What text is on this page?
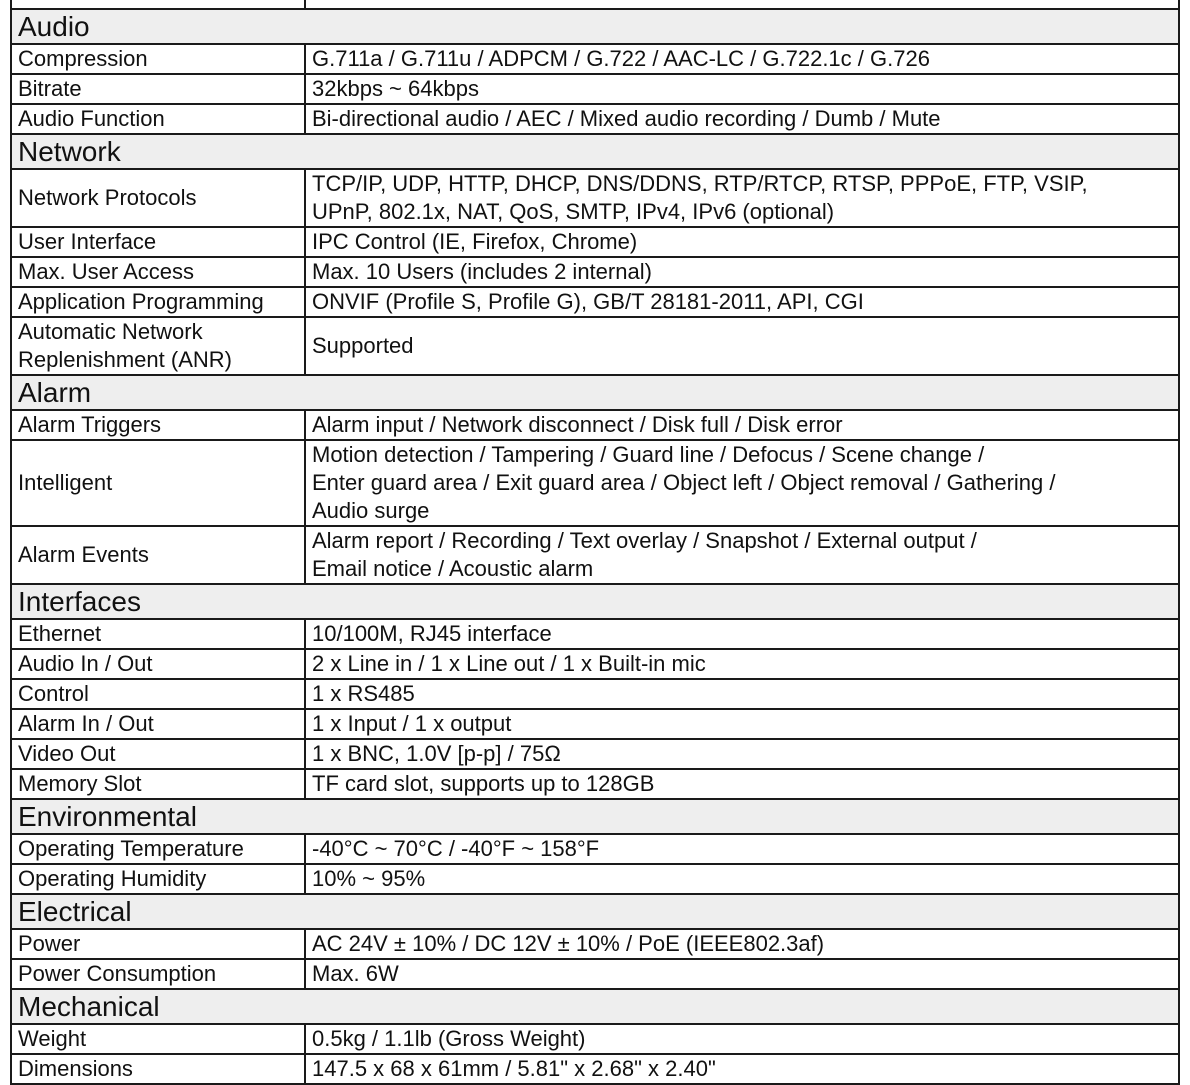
Audio	
Compression	G.711a / G.711u / ADPCM / G.722 / AAC-LC / G.722.1c / G.726

Bitrate	32kbps ~ 64kbps

Audio Function	Bi-directional audio / AEC / Mixed audio recording / Dumb / Mute

Network	
Network Protocols	TCP/IP, UDP, HTTP, DHCP, DNS/DDNS, RTP/RTCP, RTSP, PPPoE, FTP, VSIP,
UPnP, 802.1x, NAT, QoS, SMTP, IPv4, IPv6 (optional)

User Interface	IPC Control (IE, Firefox, Chrome)

Max. User Access	Max. 10 Users (includes 2 internal)

Application Programming	ONVIF (Profile S, Profile G), GB/T 28181-2011, API, CGI

Automatic Network
Replenishment (ANR)	Supported

Alarm	
Alarm Triggers	Alarm input / Network disconnect / Disk full / Disk error

Intelligent	Motion detection / Tampering / Guard line / Defocus / Scene change /
Enter guard area / Exit guard area / Object left / Object removal / Gathering /
Audio surge

Alarm Events	Alarm report / Recording / Text overlay / Snapshot / External output /
Email notice / Acoustic alarm

Interfaces	
Ethernet	10/100M, RJ45 interface

Audio In / Out	2 x Line in / 1 x Line out / 1 x Built-in mic

Control	1 x RS485

Alarm In / Out	1 x Input / 1 x output

Video Out	1 x BNC, 1.0V [p-p] / 75Ω

Memory Slot	TF card slot, supports up to 128GB

Environmental	
Operating Temperature	-40°C ~ 70°C / -40°F ~ 158°F

Operating Humidity	10% ~ 95%

Electrical	
Power	AC 24V ± 10% / DC 12V ± 10% / PoE (IEEE802.3af)

Power Consumption	Max. 6W

Mechanical	
Weight	0.5kg / 1.1lb (Gross Weight)

Dimensions	147.5 x 68 x 61mm / 5.81" x 2.68" x 2.40"
